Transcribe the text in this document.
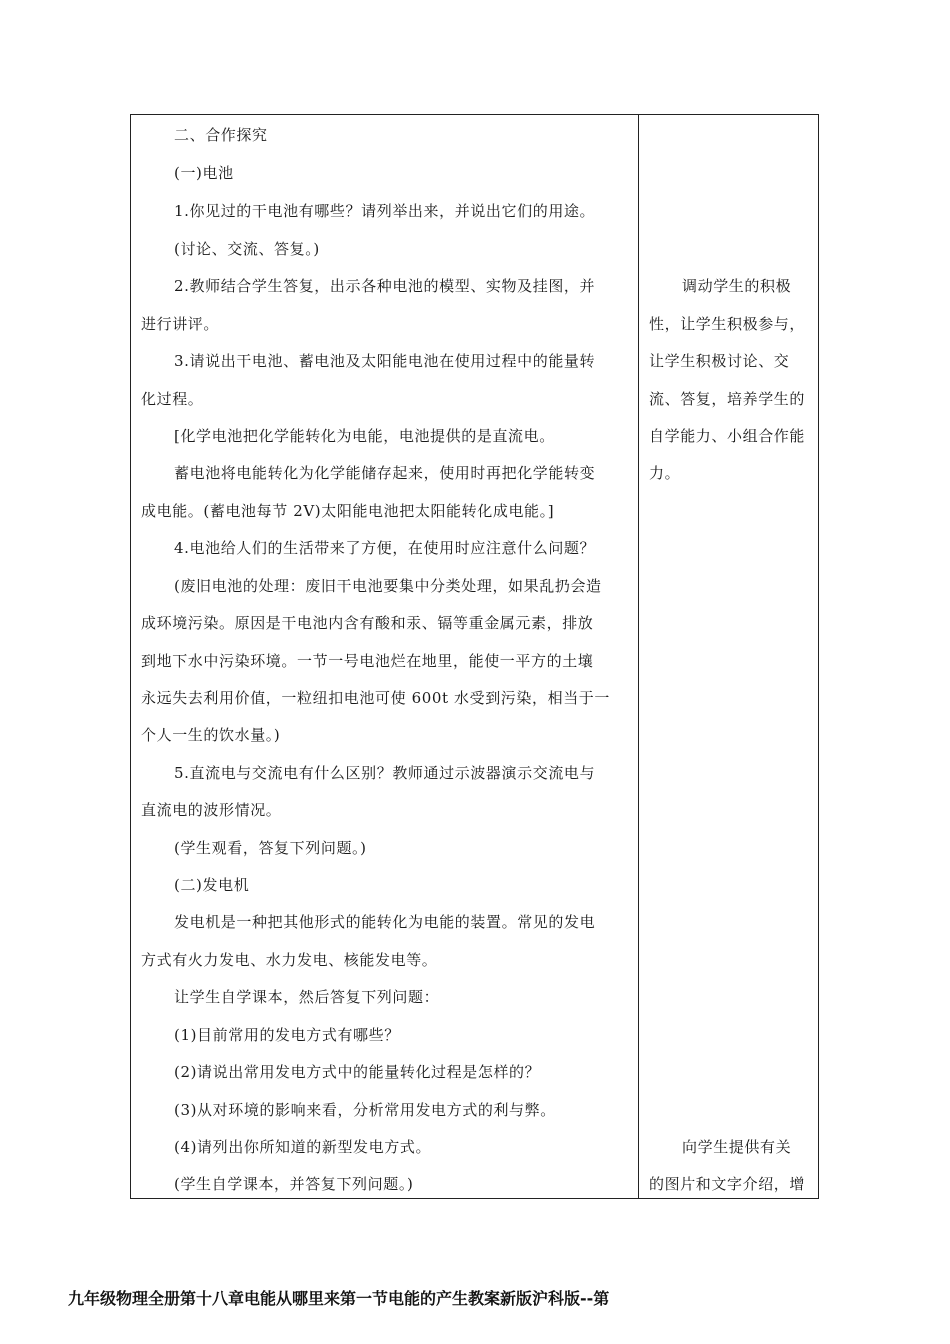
二、合作探究
(一)电池
1.你见过的干电池有哪些？请列举出来，并说出它们的用途。
(讨论、交流、答复。)
2.教师结合学生答复，出示各种电池的模型、实物及挂图，并
进行讲评。
3.请说出干电池、蓄电池及太阳能电池在使用过程中的能量转
化过程。
[化学电池把化学能转化为电能，电池提供的是直流电。
蓄电池将电能转化为化学能储存起来，使用时再把化学能转变
成电能。(蓄电池每节 2V)太阳能电池把太阳能转化成电能。]
4.电池给人们的生活带来了方便，在使用时应注意什么问题？
(废旧电池的处理：废旧干电池要集中分类处理，如果乱扔会造
成环境污染。原因是干电池内含有酸和汞、镉等重金属元素，排放
到地下水中污染环境。一节一号电池烂在地里，能使一平方的土壤
永远失去利用价值，一粒纽扣电池可使 600t 水受到污染，相当于一
个人一生的饮水量。)
5.直流电与交流电有什么区别？教师通过示波器演示交流电与
直流电的波形情况。
(学生观看，答复下列问题。)
(二)发电机
发电机是一种把其他形式的能转化为电能的装置。常见的发电
方式有火力发电、水力发电、核能发电等。
让学生自学课本，然后答复下列问题：
(1)目前常用的发电方式有哪些？
(2)请说出常用发电方式中的能量转化过程是怎样的？
(3)从对环境的影响来看，分析常用发电方式的利与弊。
(4)请列出你所知道的新型发电方式。
(学生自学课本，并答复下列问题。)
调动学生的积极
性，让学生积极参与，
让学生积极讨论、交
流、答复，培养学生的
自学能力、小组合作能
力。
向学生提供有关
的图片和文字介绍，增
九年级物理全册第十八章电能从哪里来第一节电能的产生教案新版沪科版--第
